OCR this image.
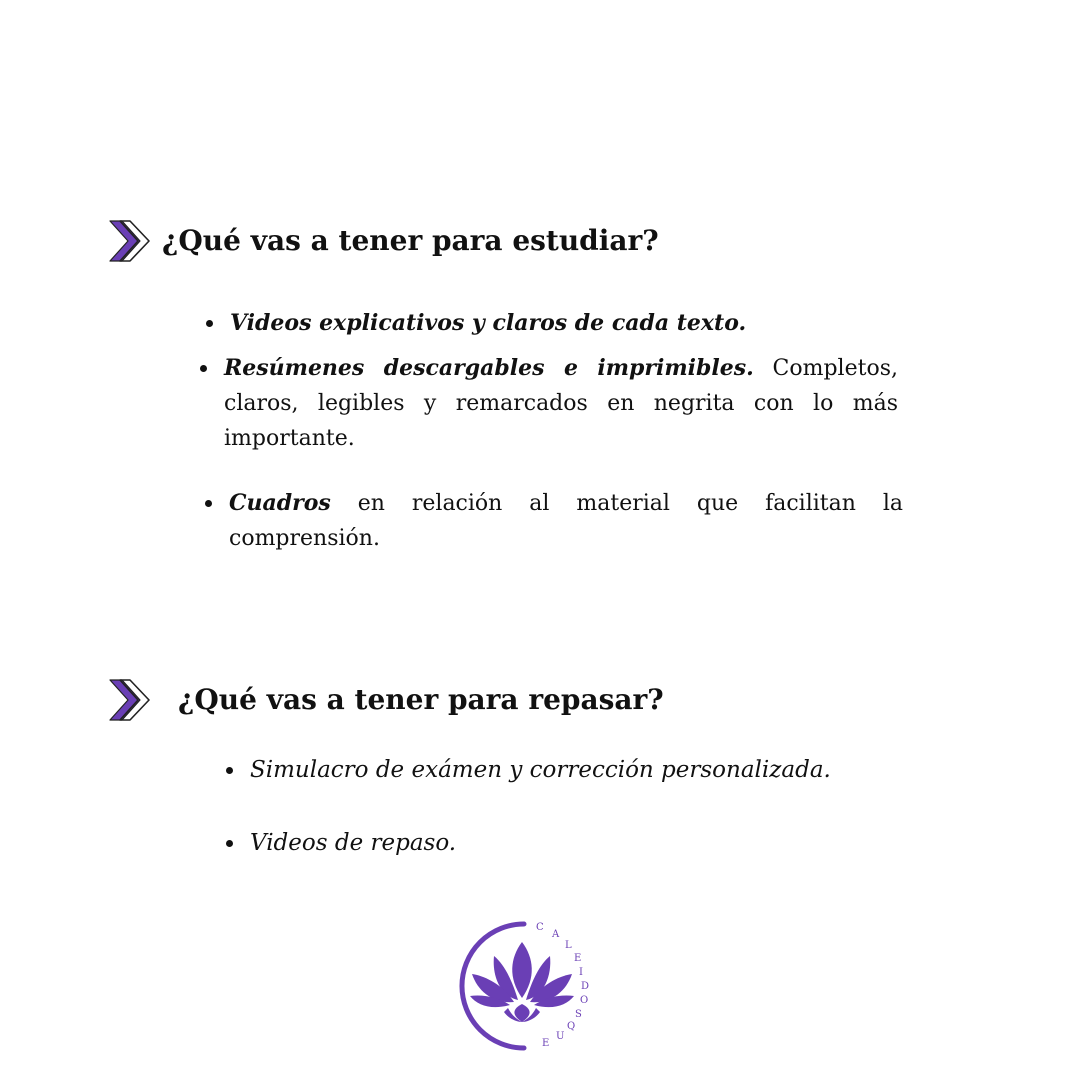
¿Qué vas a tener para estudiar?
Videos explicativos y claros de cada texto.
Resúmenes descargables e imprimibles. Completos, claros, legibles y remarcados en negrita con lo más importante.
Cuadros en relación al material que facilitan la comprensión.
¿Qué vas a tener para repasar?
Simulacro de exámen y corrección personalizada.
Videos de repaso.
C
A
L
E
I
D
O
S
Q
U
E
